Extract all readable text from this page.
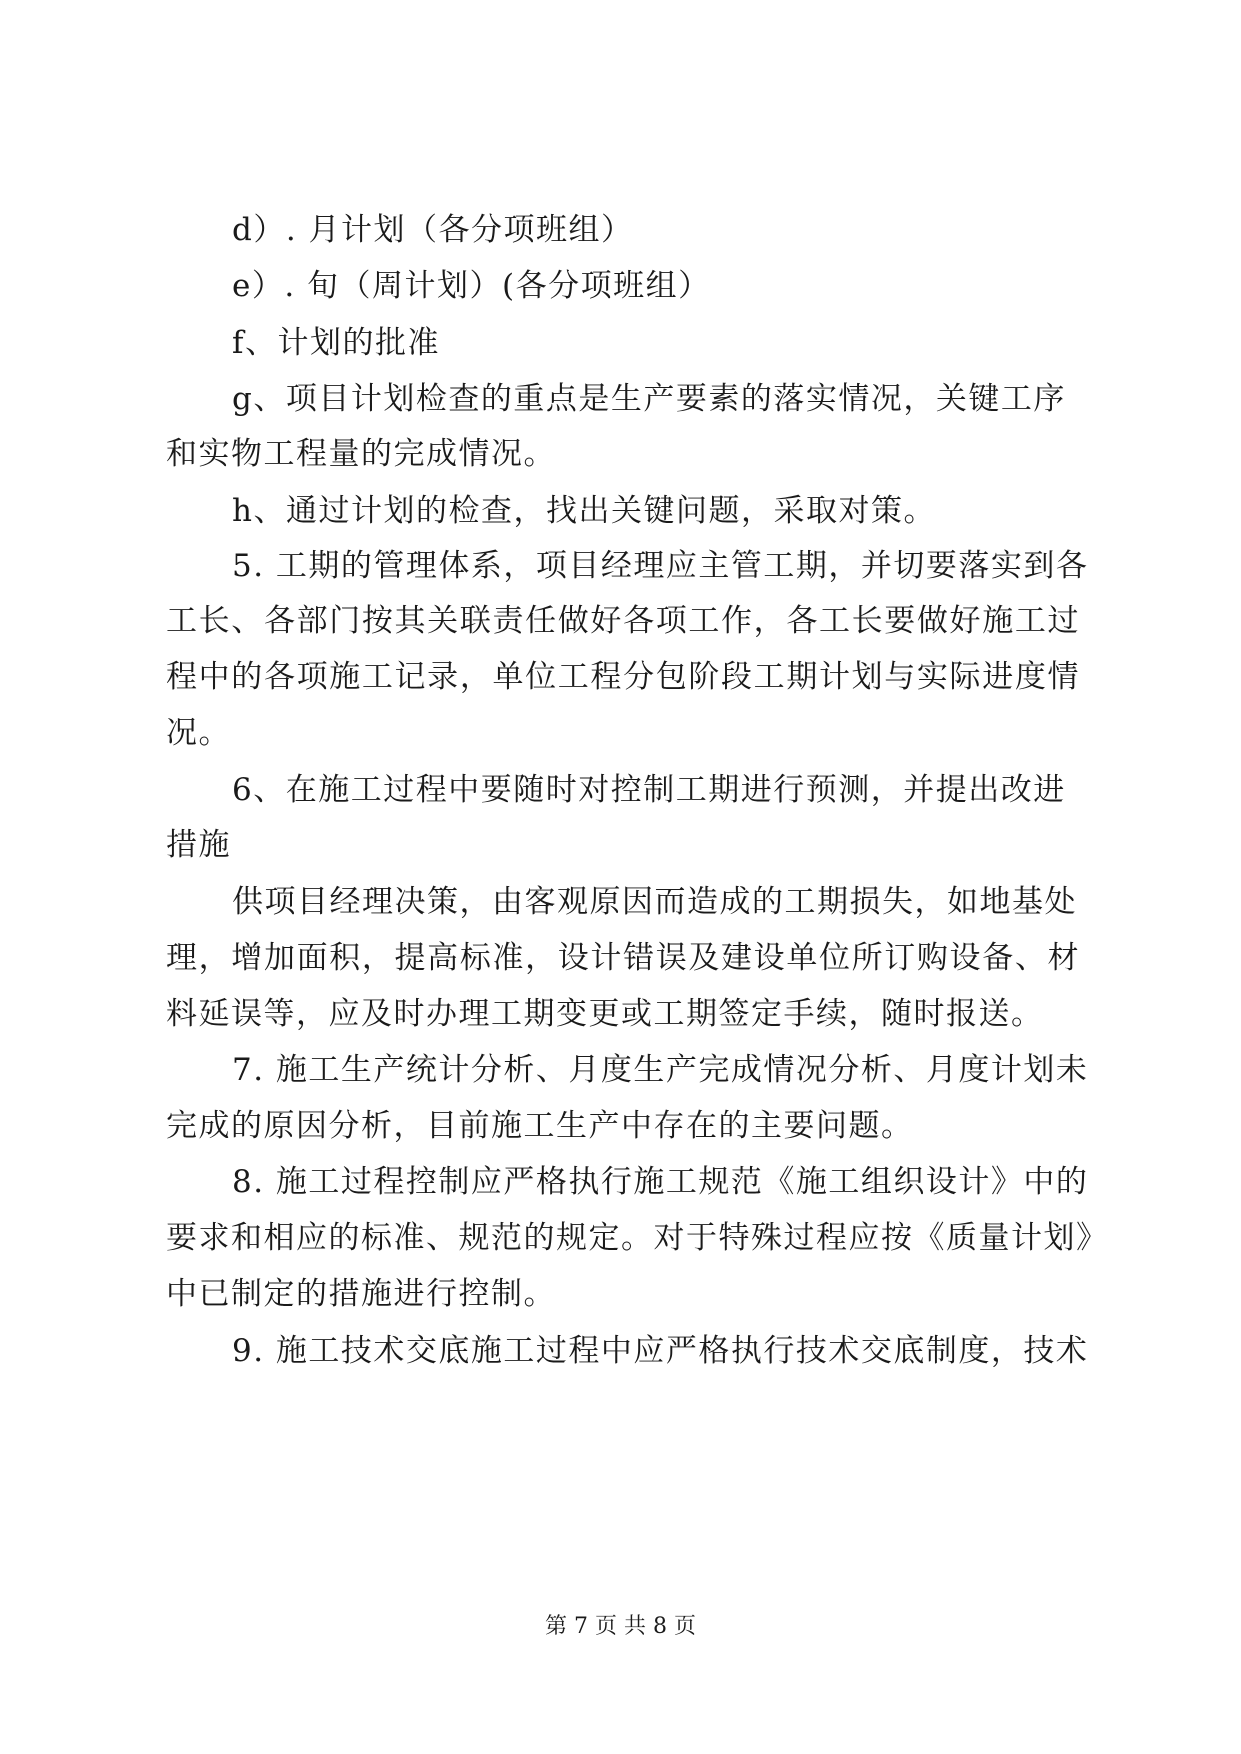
d）. 月计划（各分项班组）

e）. 旬（周计划）(各分项班组）

f、计划的批准

g、项目计划检查的重点是生产要素的落实情况，关键工序

和实物工程量的完成情况。

h、通过计划的检查，找出关键问题，采取对策。

5. 工期的管理体系，项目经理应主管工期，并切要落实到各

工长、各部门按其关联责任做好各项工作，各工长要做好施工过

程中的各项施工记录，单位工程分包阶段工期计划与实际进度情

况。

6、在施工过程中要随时对控制工期进行预测，并提出改进

措施

供项目经理决策，由客观原因而造成的工期损失，如地基处

理，增加面积，提高标准，设计错误及建设单位所订购设备、材

料延误等，应及时办理工期变更或工期签定手续，随时报送。

7. 施工生产统计分析、月度生产完成情况分析、月度计划未

完成的原因分析，目前施工生产中存在的主要问题。

8. 施工过程控制应严格执行施工规范《施工组织设计》中的

要求和相应的标准、规范的规定。对于特殊过程应按《质量计划》

中已制定的措施进行控制。

9. 施工技术交底施工过程中应严格执行技术交底制度，技术

第 7 页 共 8 页
